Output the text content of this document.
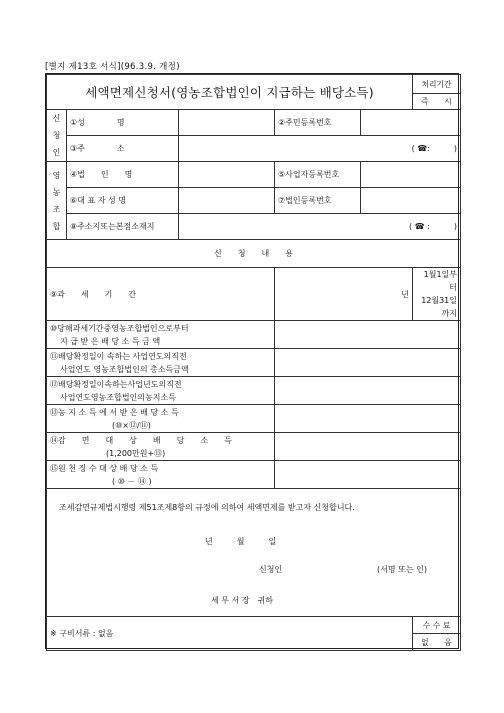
[별지 제13호 서식](96.3.9. 개정)
세액면제신청서(영농조합법인이 지급하는 배당소득)					처리기간
					즉　　시
신
청
인	①성　　　　명		②주민등록번호		
	③주　　　　소	( ☎:　　　)			
영
농
조
합	④법　　인　　명		⑤사업자등록번호		
	⑥대 표 자 성 명		⑦법인등록번호		
	⑧주소지또는본점소재지	( ☎ :　　　)			
신　　청　　내　　용					
⑨과　　세　　기　　간			년		1월1일부터
12월31일까지
⑩당해과세기간중영농조합법인으로부터
지 급 받 은 배 당 소 득 금 액					
⑪배당확정일이 속하는 사업연도의직전
사업연도 영농조합법인의 총소득금액					
⑫배당확정일이속하는사업년도의직전
사업연도영농조합법인의농지소득					
⑬농 지 소 득 에 서 받 은 배 당 소 득
(⑩×⑫/⑪)					
⑭감　　면　　대　　상　　배　　당　　소　　득
(1,200만원+⑬)					
⑮원 천 징 수 대 상 배 당 소 득
( ⑩ － ⑭ )					

조세감면규제법시행령 제51조제8항의 규정에 의하여 세액면제를 받고자 신청합니다.
년　　　월　　　일
신청인 (서명 또는 인)
세 무 서 장　귀하					

※ 구비서류 : 없음					수 수 료
					없　　음
